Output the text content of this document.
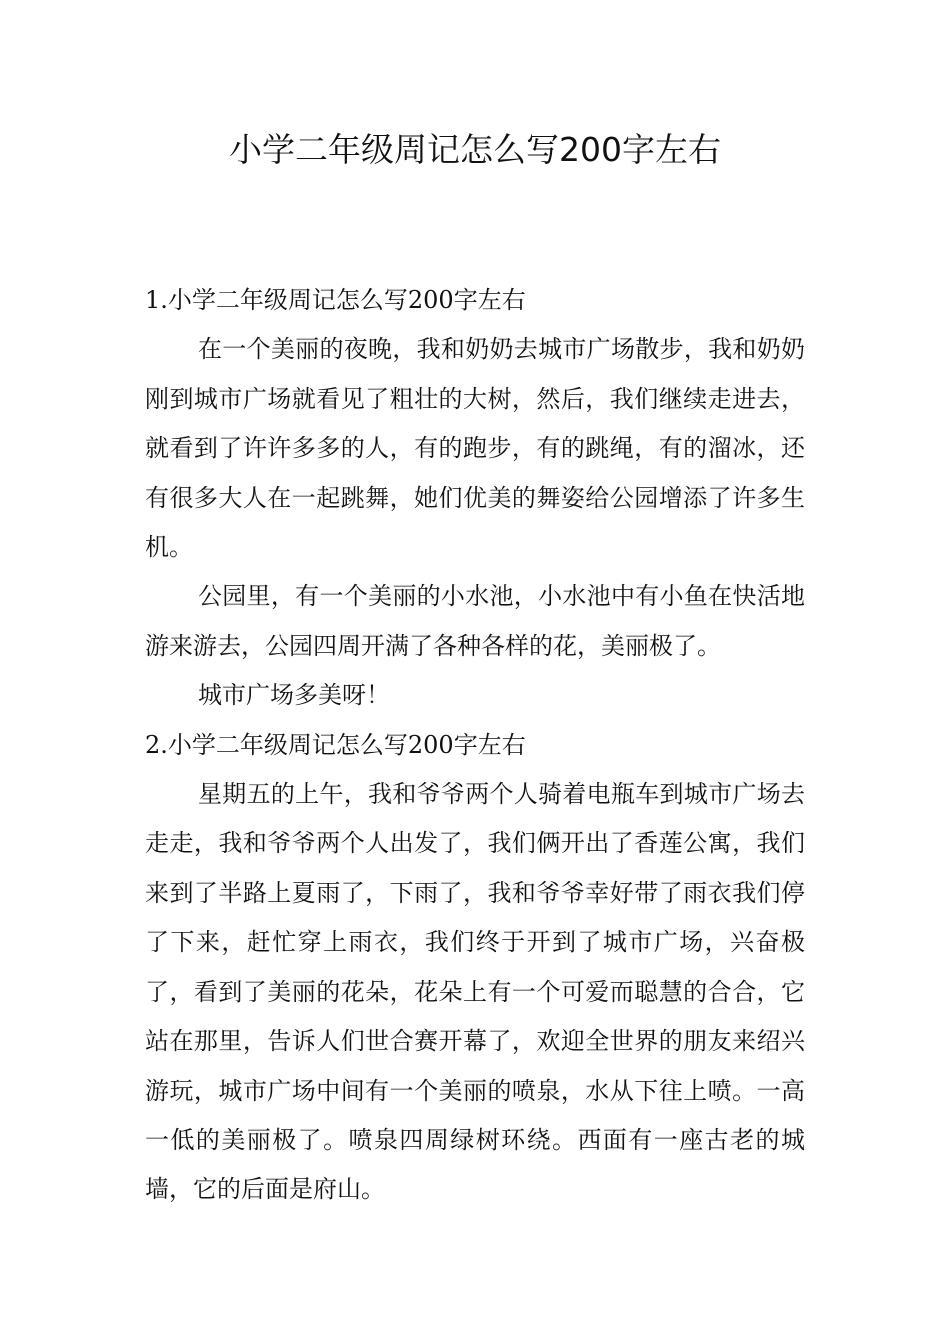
小学二年级周记怎么写200字左右

1.小学二年级周记怎么写200字左右

在一个美丽的夜晚，我和奶奶去城市广场散步，我和奶奶刚到城市广场就看见了粗壮的大树，然后，我们继续走进去，就看到了许许多多的人，有的跑步，有的跳绳，有的溜冰，还有很多大人在一起跳舞，她们优美的舞姿给公园增添了许多生机。

公园里，有一个美丽的小水池，小水池中有小鱼在快活地游来游去，公园四周开满了各种各样的花，美丽极了。

城市广场多美呀！

2.小学二年级周记怎么写200字左右

星期五的上午，我和爷爷两个人骑着电瓶车到城市广场去走走，我和爷爷两个人出发了，我们俩开出了香莲公寓，我们来到了半路上夏雨了，下雨了，我和爷爷幸好带了雨衣我们停了下来，赶忙穿上雨衣，我们终于开到了城市广场，兴奋极了，看到了美丽的花朵，花朵上有一个可爱而聪慧的合合，它站在那里，告诉人们世合赛开幕了，欢迎全世界的朋友来绍兴游玩，城市广场中间有一个美丽的喷泉，水从下往上喷。一高一低的美丽极了。喷泉四周绿树环绕。西面有一座古老的城墙，它的后面是府山。
